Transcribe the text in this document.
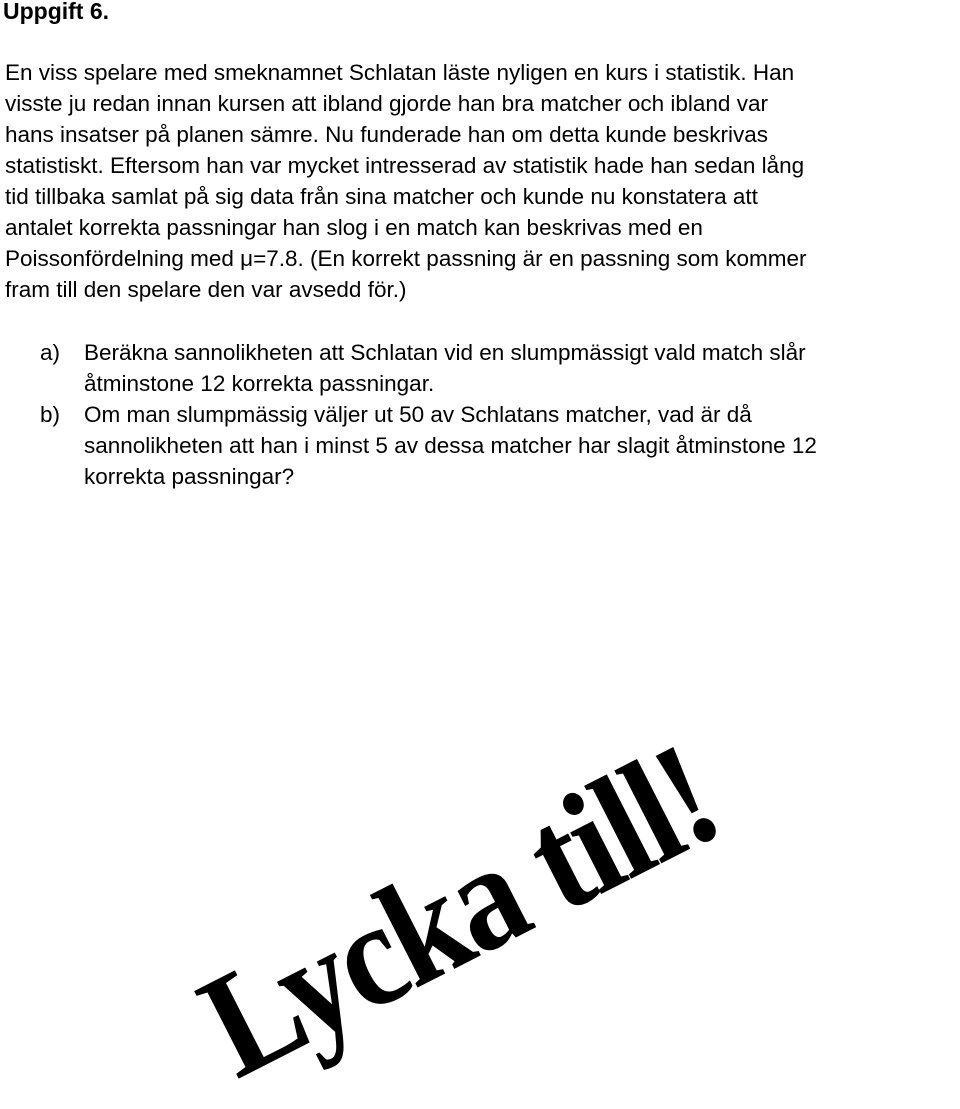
Uppgift 6.
En viss spelare med smeknamnet Schlatan läste nyligen en kurs i statistik. Han
visste ju redan innan kursen att ibland gjorde han bra matcher och ibland var
hans insatser på planen sämre. Nu funderade han om detta kunde beskrivas
statistiskt. Eftersom han var mycket intresserad av statistik hade han sedan lång
tid tillbaka samlat på sig data från sina matcher och kunde nu konstatera att
antalet korrekta passningar han slog i en match kan beskrivas med en
Poissonfördelning med μ=7.8. (En korrekt passning är en passning som kommer
fram till den spelare den var avsedd för.)
a) Beräkna sannolikheten att Schlatan vid en slumpmässigt vald match slår
åtminstone 12 korrekta passningar.
b) Om man slumpmässig väljer ut 50 av Schlatans matcher, vad är då
sannolikheten att han i minst 5 av dessa matcher har slagit åtminstone 12
korrekta passningar?
Lycka till!
